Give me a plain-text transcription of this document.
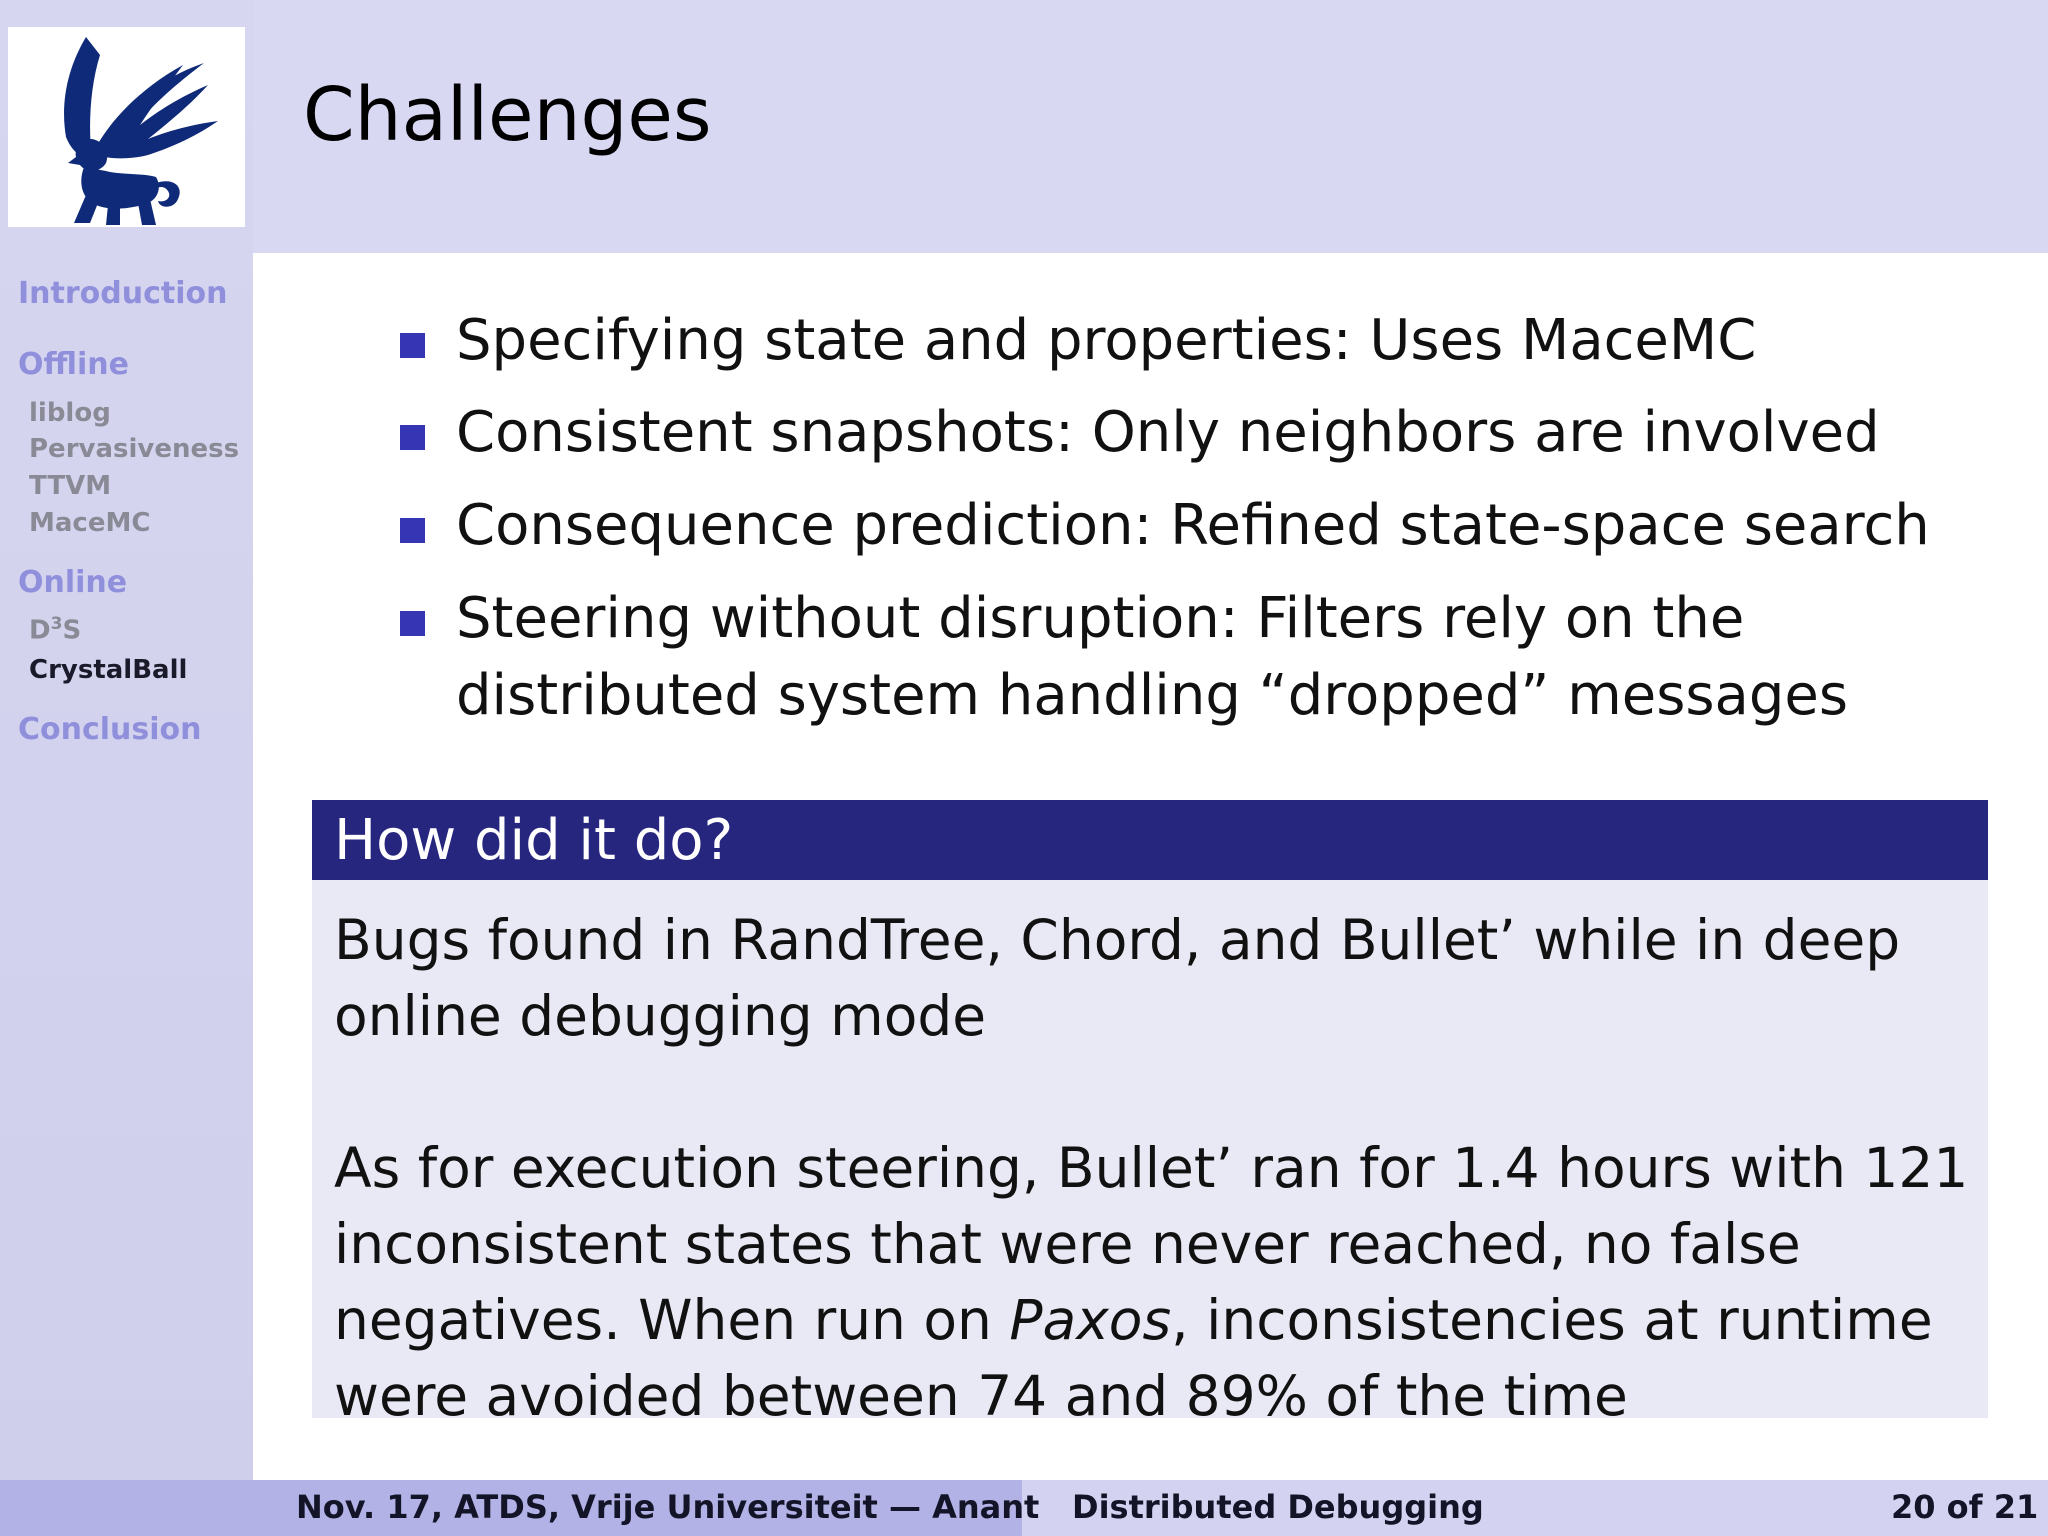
Introduction
Offline
liblog
Pervasiveness
TTVM
MaceMC
Online
$D^3S$
CrystalBall
Conclusion
Challenges
Specifying state and properties: Uses MaceMC
Consistent snapshots: Only neighbors are involved
Consequence prediction: Refined state-space search
Steering without disruption: Filters rely on the distributed system handling “dropped” messages
How did it do?
Bugs found in RandTree, Chord, and Bullet’ while in deep online debugging mode
As for execution steering, Bullet’ ran for 1.4 hours with 121 inconsistent states that were never reached, no false negatives. When run on Paxos, inconsistencies at runtime were avoided between 74 and 89% of the time
Nov. 17, ATDS, Vrije Universiteit — Anant Distributed Debugging	20 of 21
